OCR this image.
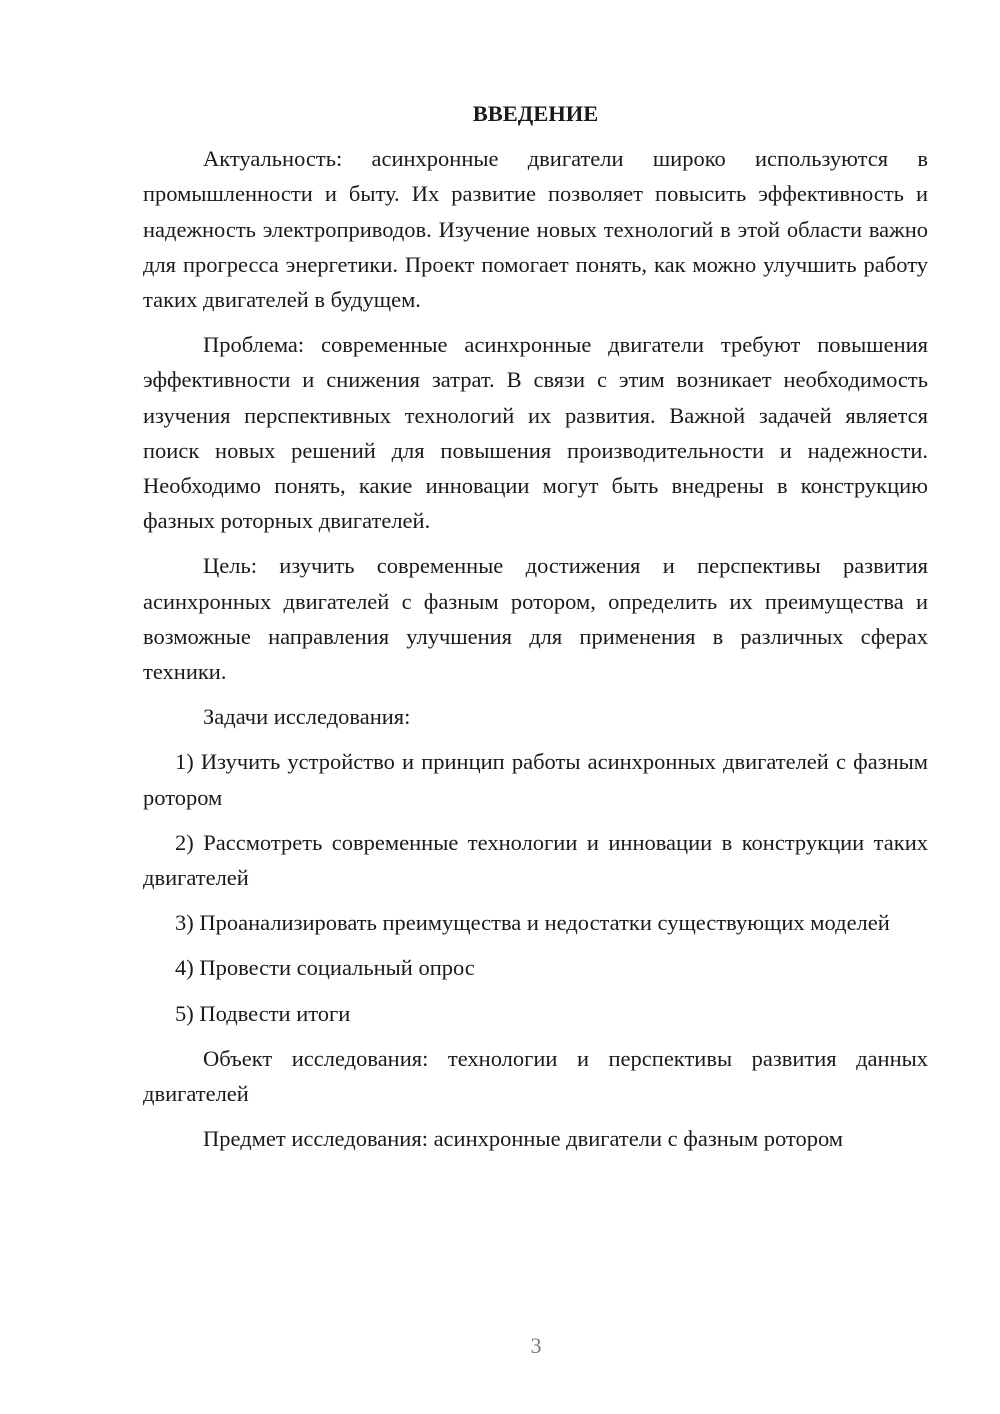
ВВЕДЕНИЕ

Актуальность: асинхронные двигатели широко используются в промышленности и быту. Их развитие позволяет повысить эффективность и надежность электроприводов. Изучение новых технологий в этой области важно для прогресса энергетики. Проект помогает понять, как можно улучшить работу таких двигателей в будущем.

Проблема: современные асинхронные двигатели требуют повышения эффективности и снижения затрат. В связи с этим возникает необходимость изучения перспективных технологий их развития. Важной задачей является поиск новых решений для повышения производительности и надежности. Необходимо понять, какие инновации могут быть внедрены в конструкцию фазных роторных двигателей.

Цель: изучить современные достижения и перспективы развития асинхронных двигателей с фазным ротором, определить их преимущества и возможные направления улучшения для применения в различных сферах техники.

Задачи исследования:

1) Изучить устройство и принцип работы асинхронных двигателей с фазным ротором

2) Рассмотреть современные технологии и инновации в конструкции таких двигателей

3) Проанализировать преимущества и недостатки существующих моделей

4) Провести социальный опрос

5) Подвести итоги

Объект исследования: технологии и перспективы развития данных двигателей

Предмет исследования: асинхронные двигатели с фазным ротором

3
